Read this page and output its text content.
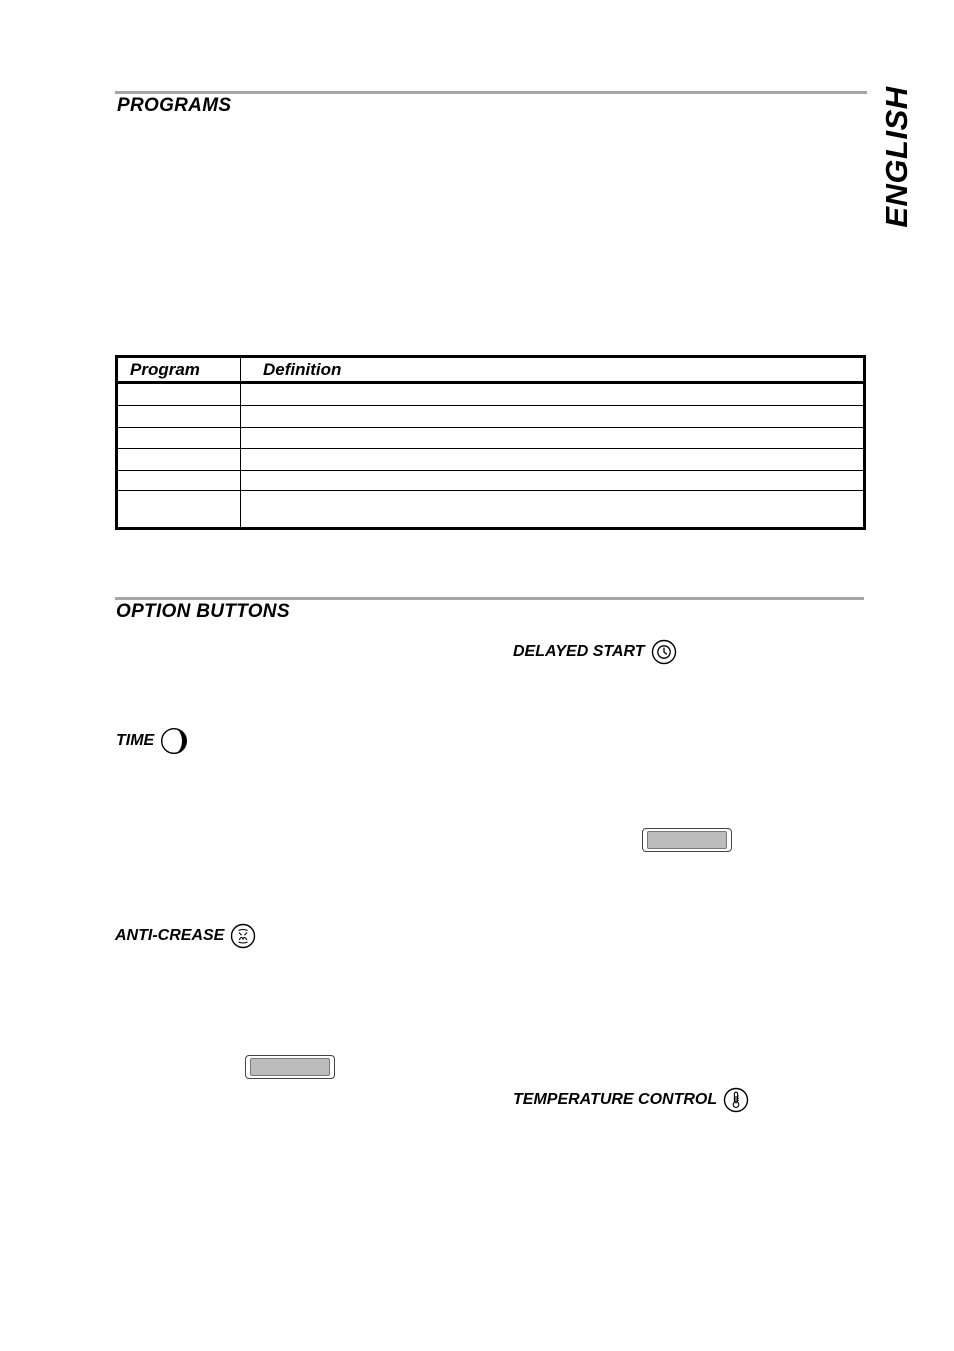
PROGRAMS	ENGLISH
Program	Definition

OPTION BUTTONS
DELAYED START
TIME
ANTI-CREASE
TEMPERATURE CONTROL
